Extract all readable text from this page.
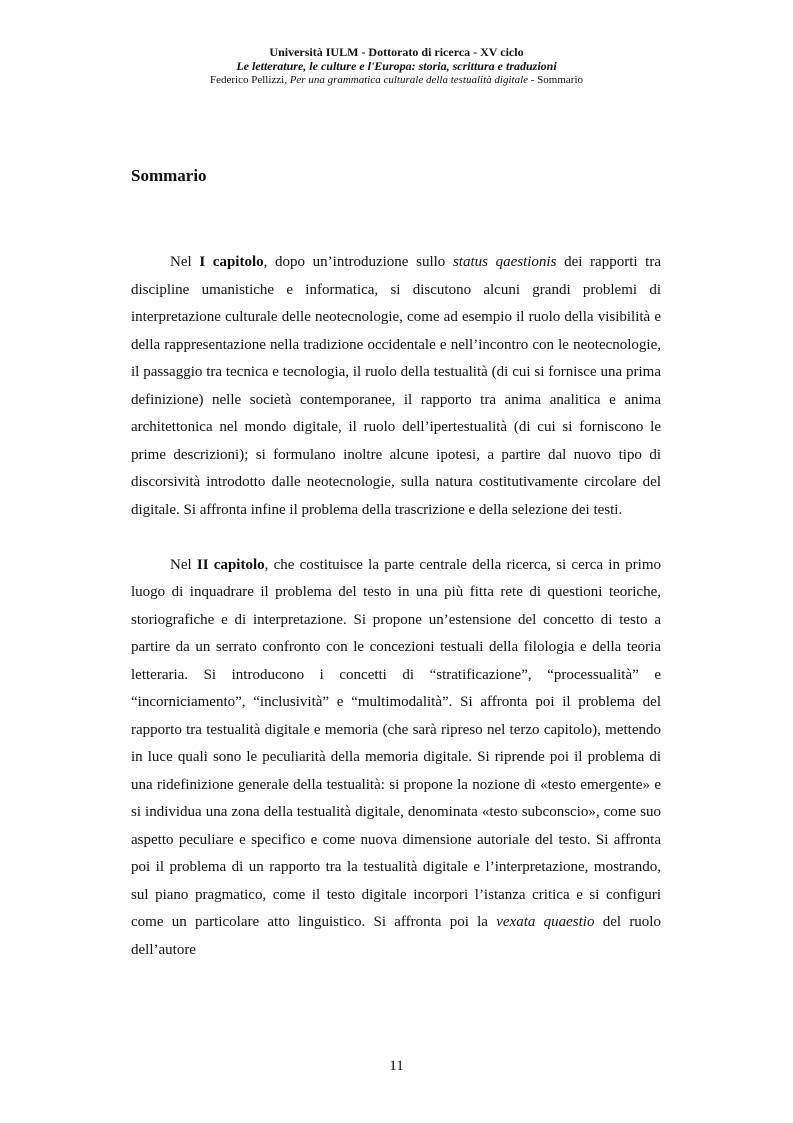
Università IULM - Dottorato di ricerca - XV ciclo
Le letterature, le culture e l'Europa: storia, scrittura e traduzioni
Federico Pellizzi, Per una grammatica culturale della testualità digitale - Sommario
Sommario

Nel I capitolo, dopo un’introduzione sullo status qaestionis dei rapporti tra discipline umanistiche e informatica, si discutono alcuni grandi problemi di interpretazione culturale delle neotecnologie, come ad esempio il ruolo della visibilità e della rappresentazione nella tradizione occidentale e nell’incontro con le neotecnologie, il passaggio tra tecnica e tecnologia, il ruolo della testualità (di cui si fornisce una prima definizione) nelle società contemporanee, il rapporto tra anima analitica e anima architettonica nel mondo digitale, il ruolo dell’ipertestualità (di cui si forniscono le prime descrizioni); si formulano inoltre alcune ipotesi, a partire dal nuovo tipo di discorsività introdotto dalle neotecnologie, sulla natura costitutivamente circolare del digitale. Si affronta infine il problema della trascrizione e della selezione dei testi.

Nel II capitolo, che costituisce la parte centrale della ricerca, si cerca in primo luogo di inquadrare il problema del testo in una più fitta rete di questioni teoriche, storiografiche e di interpretazione. Si propone un’estensione del concetto di testo a partire da un serrato confronto con le concezioni testuali della filologia e della teoria letteraria. Si introducono i concetti di “stratificazione”, “processualità” e “incorniciamento”, “inclusività” e “multimodalità”. Si affronta poi il problema del rapporto tra testualità digitale e memoria (che sarà ripreso nel terzo capitolo), mettendo in luce quali sono le peculiarità della memoria digitale. Si riprende poi il problema di una ridefinizione generale della testualità: si propone la nozione di «testo emergente» e si individua una zona della testualità digitale, denominata «testo subconscio», come suo aspetto peculiare e specifico e come nuova dimensione autoriale del testo. Si affronta poi il problema di un rapporto tra la testualità digitale e l’interpretazione, mostrando, sul piano pragmatico, come il testo digitale incorpori l’istanza critica e si configuri come un particolare atto linguistico. Si affronta poi la vexata quaestio del ruolo dell’autore

11
